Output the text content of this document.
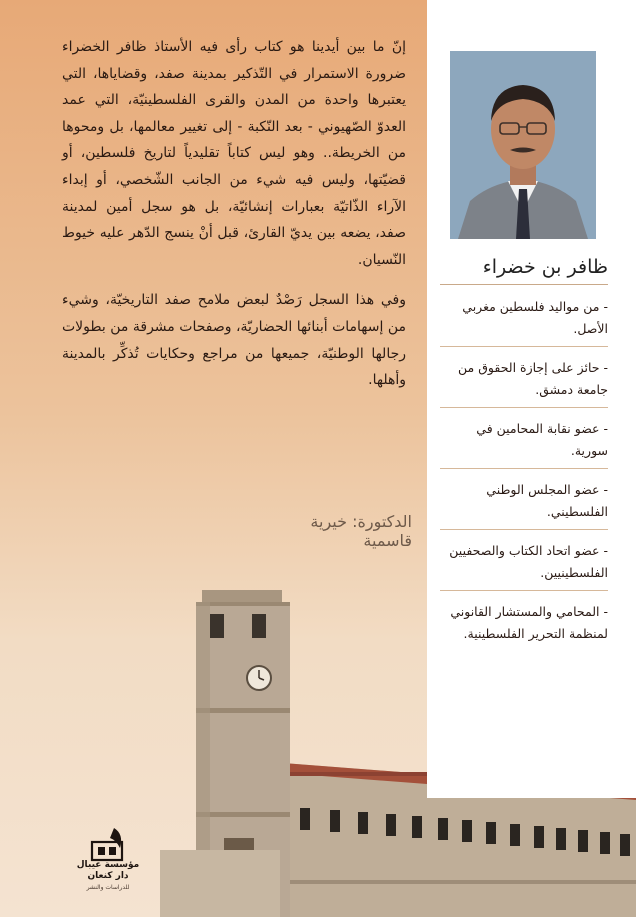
إنّ ما بين أيدينا هو كتاب رأى فيه الأستاذ ظافر الخضراء ضرورة الاستمرار في التّذكير بمدينة صفد، وقضاياها، التي يعتبرها واحدة من المدن والقرى الفلسطينيّة، التي عمد العدوّ الصّهيوني - بعد النّكبة - إلى تغيير معالمها، بل ومحوها من الخريطة.. وهو ليس كتاباً تقليدياً لتاريخ فلسطين، أو قضيّتها، وليس فيه شيء من الجانب الشّخصي، أو إبداء الآراء الذّاتيّة بعبارات إنشائيّة، بل هو سجل أمين لمدينة صفد، يضعه بين يديّ القارئ، قبل أنْ ينسج الدّهر عليه خيوط النّسيان.

وفي هذا السجل رَصْدٌ لبعض ملامح صفد التاريخيّة، وشيء من إسهامات أبنائها الحضاريّة، وصفحات مشرقة من بطولات رجالها الوطنيّة، جميعها من مراجع وحكايات تُذكِّر بالمدينة وأهلها.

الدكتورة: خيرية قاسمية
ظافر بن خضراء
- من مواليد فلسطين مغربي الأصل.
- حائز على إجازة الحقوق من جامعة دمشق.
- عضو نقابة المحامين في سورية.
- عضو المجلس الوطني الفلسطيني.
- عضو اتحاد الكتاب والصحفيين الفلسطينيين.
- المحامي والمستشار القانوني لمنظمة التحرير الفلسطينية.
مؤسسة عيبال
دار كنعان
للدراسات والنشر
